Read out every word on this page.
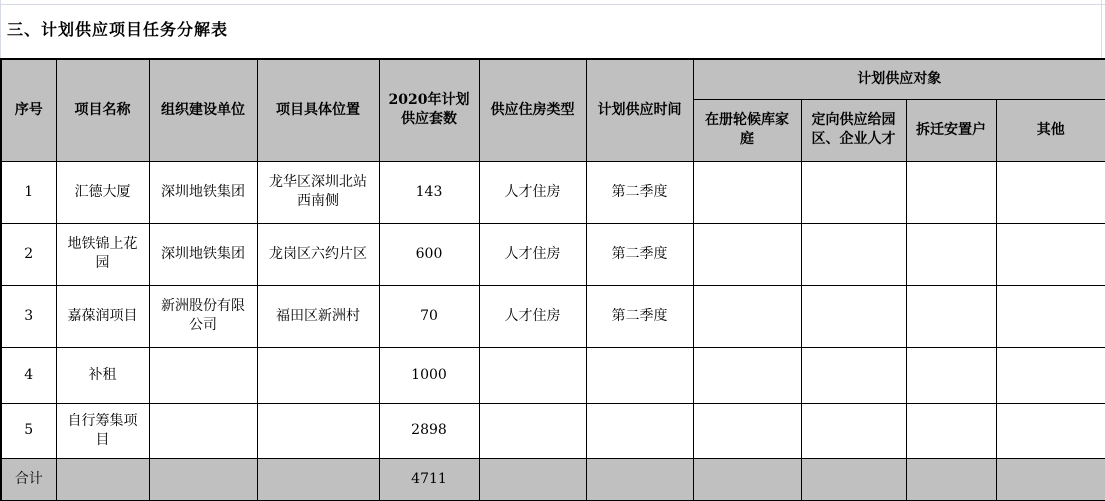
三、计划供应项目任务分解表
序号	项目名称	组织建设单位	项目具体位置	2020年计划供应套数	供应住房类型	计划供应时间	计划供应对象			
							在册轮候库家庭	定向供应给园区、企业人才	拆迁安置户	其他
1	汇德大厦	深圳地铁集团	龙华区深圳北站西南侧	143	人才住房	第二季度				
2	地铁锦上花园	深圳地铁集团	龙岗区六约片区	600	人才住房	第二季度				
3	嘉葆润项目	新洲股份有限公司	福田区新洲村	70	人才住房	第二季度				
4	补租			1000						
5	自行筹集项目			2898						
合计				4711						
